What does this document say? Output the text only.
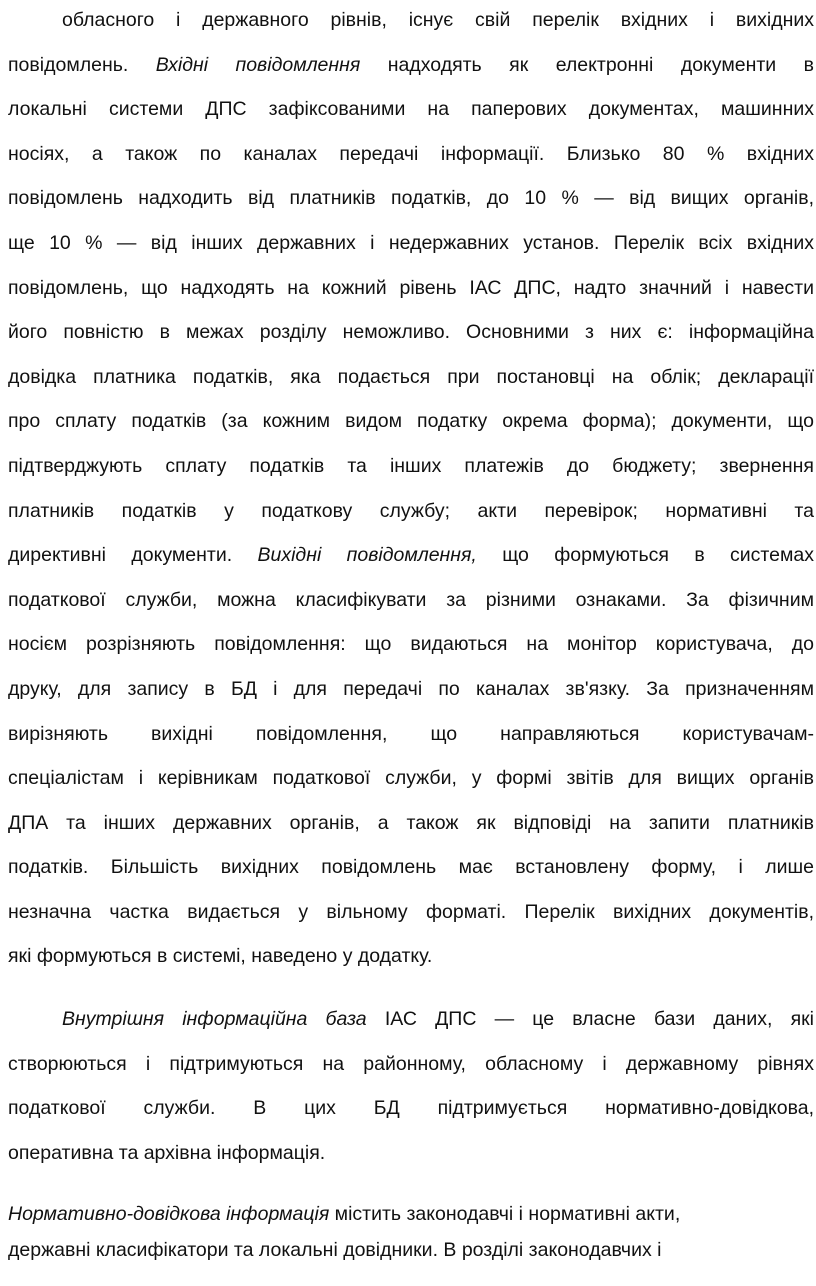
обласного і державного рівнів, існує свій перелік вхідних і вихідних
повідомлень. Вхідні повідомлення надходять як електронні документи в
локальні системи ДПС зафіксованими на паперових документах, машинних
носіях, а також по каналах передачі інформації. Близько 80 % вхідних
повідомлень надходить від платників податків, до 10 % — від вищих органів,
ще 10 % — від інших державних і недержавних установ. Перелік всіх вхідних
повідомлень, що надходять на кожний рівень ІАС ДПС, надто значний і навести
його повністю в межах розділу неможливо. Основними з них є: інформаційна
довідка платника податків, яка подається при постановці на облік; декларації
про сплату податків (за кожним видом податку окрема форма); документи, що
підтверджують сплату податків та інших платежів до бюджету; звернення
платників податків у податкову службу; акти перевірок; нормативні та
директивні документи. Вихідні повідомлення, що формуються в системах
податкової служби, можна класифікувати за різними ознаками. За фізичним
носієм розрізняють повідомлення: що видаються на монітор користувача, до
друку, для запису в БД і для передачі по каналах зв'язку. За призначенням
вирізняють вихідні повідомлення, що направляються користувачам-
спеціалістам і керівникам податкової служби, у формі звітів для вищих органів
ДПА та інших державних органів, а також як відповіді на запити платників
податків. Більшість вихідних повідомлень має встановлену форму, і лише
незначна частка видається у вільному форматі. Перелік вихідних документів,
які формуються в системі, наведено у додатку.
Внутрішня інформаційна база ІАС ДПС — це власне бази даних, які
створюються і підтримуються на районному, обласному і державному рівнях
податкової служби. В цих БД підтримується нормативно-довідкова,
оперативна та архівна інформація.
Нормативно-довідкова інформація містить законодавчі і нормативні акти,
державні класифікатори та локальні довідники. В розділі законодавчих і
